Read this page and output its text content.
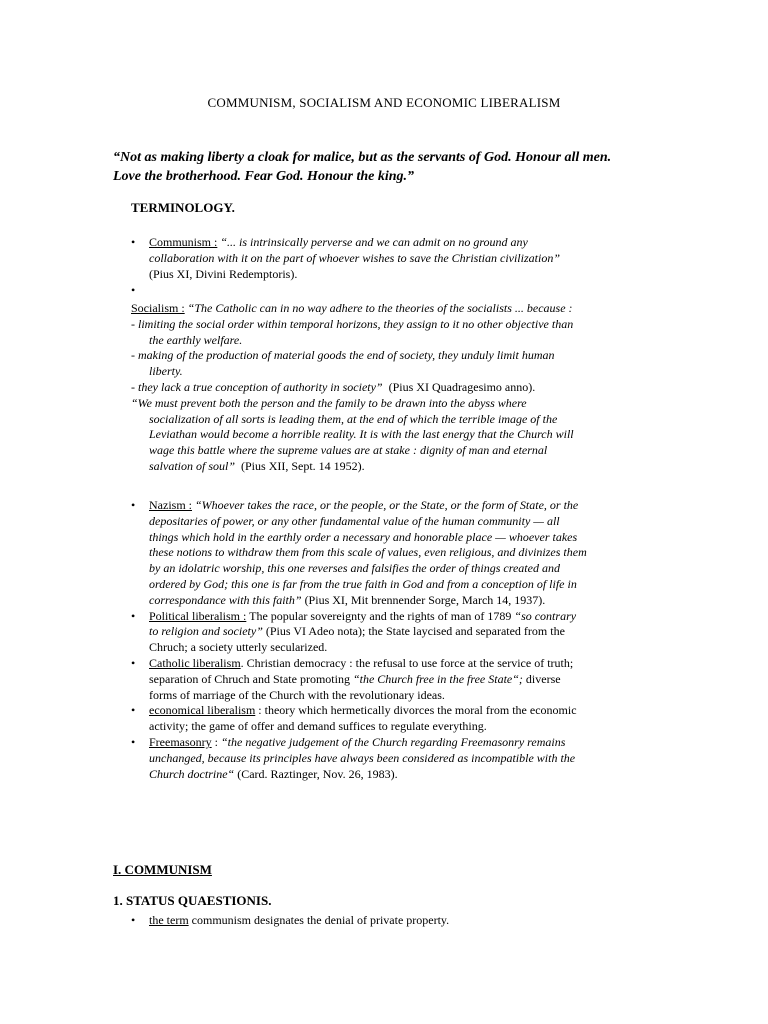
COMMUNISM, SOCIALISM AND ECONOMIC LIBERALISM
“Not as making liberty a cloak for malice, but as the servants of God. Honour all men.
Love the brotherhood. Fear God. Honour the king.”
TERMINOLOGY.
• Communism : “... is intrinsically perverse and we can admit on no ground any
collaboration with it on the part of whoever wishes to save the Christian civilization”
(Pius XI, Divini Redemptoris).
•

Socialism : “The Catholic can in no way adhere to the theories of the socialists ... because :
- limiting the social order within temporal horizons, they assign to it no other objective than
the earthly welfare.
- making of the production of material goods the end of society, they unduly limit human
liberty.
- they lack a true conception of authority in society” (Pius XI Quadragesimo anno).
“We must prevent both the person and the family to be drawn into the abyss where
socialization of all sorts is leading them, at the end of which the terrible image of the
Leviathan would become a horrible reality. It is with the last energy that the Church will
wage this battle where the supreme values are at stake : dignity of man and eternal
salvation of soul” (Pius XII, Sept. 14 1952).
• Nazism : “Whoever takes the race, or the people, or the State, or the form of State, or the
depositaries of power, or any other fundamental value of the human community — all
things which hold in the earthly order a necessary and honorable place — whoever takes
these notions to withdraw them from this scale of values, even religious, and divinizes them
by an idolatric worship, this one reverses and falsifies the order of things created and
ordered by God; this one is far from the true faith in God and from a conception of life in
correspondance with this faith” (Pius XI, Mit brennender Sorge, March 14, 1937).
• Political liberalism : The popular sovereignty and the rights of man of 1789 “so contrary
to religion and society” (Pius VI Adeo nota); the State laycised and separated from the
Chruch; a society utterly secularized.
• Catholic liberalism. Christian democracy : the refusal to use force at the service of truth;
separation of Chruch and State promoting “the Church free in the free State“; diverse
forms of marriage of the Church with the revolutionary ideas.
• economical liberalism : theory which hermetically divorces the moral from the economic
activity; the game of offer and demand suffices to regulate everything.
• Freemasonry : “the negative judgement of the Church regarding Freemasonry remains
unchanged, because its principles have always been considered as incompatible with the
Church doctrine“ (Card. Raztinger, Nov. 26, 1983).
I. COMMUNISM
1. STATUS QUAESTIONIS.
• the term communism designates the denial of private property.
